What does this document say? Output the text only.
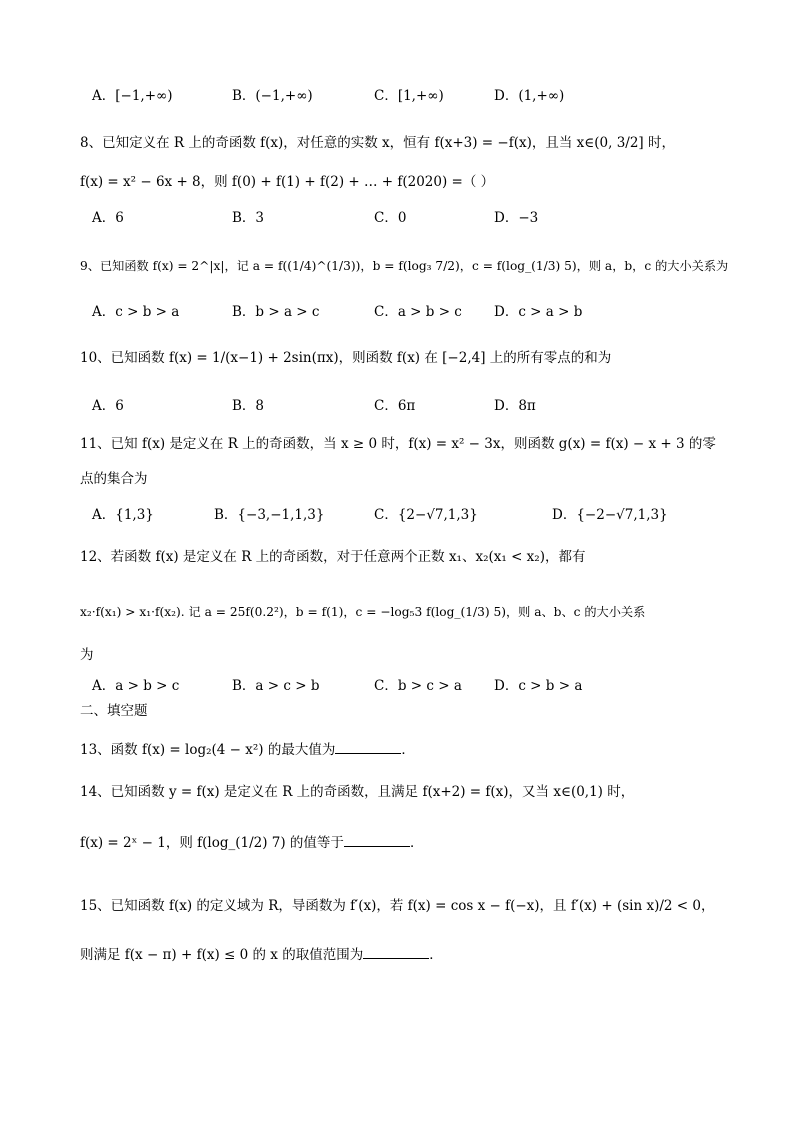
A．[−1,+∞)	B．(−1,+∞)	C．[1,+∞)	D．(1,+∞)
8、已知定义在 R 上的奇函数 f(x)，对任意的实数 x，恒有 f(x+3) = −f(x)，且当 x∈(0, 3/2] 时，
f(x) = x² − 6x + 8，则 f(0) + f(1) + f(2) + … + f(2020) =（ ）
A．6	B．3	C．0	D．−3
9、已知函数 f(x) = 2^|x|，记 a = f((1/4)^(1/3))，b = f(log₃ 7/2)，c = f(log_(1/3) 5)，则 a，b，c 的大小关系为
A．c > b > a	B．b > a > c	C．a > b > c D．c > a > b
10、已知函数 f(x) = 1/(x−1) + 2sin(πx)，则函数 f(x) 在 [−2,4] 上的所有零点的和为
A．6	B．8	C．6π	D．8π
11、已知 f(x) 是定义在 R 上的奇函数，当 x ≥ 0 时，f(x) = x² − 3x，则函数 g(x) = f(x) − x + 3 的零
点的集合为
A．{1,3}	B．{−3,−1,1,3}	C．{2−√7,1,3}	D．{−2−√7,1,3}
12、若函数 f(x) 是定义在 R 上的奇函数，对于任意两个正数 x₁、x₂(x₁ < x₂)，都有
x₂·f(x₁) > x₁·f(x₂). 记 a = 25f(0.2²)，b = f(1)，c = −log₅3 f(log_(1/3) 5)，则 a、b、c 的大小关系
为
A．a > b > c	B．a > c > b	C．b > c > a D．c > b > a
二、填空题
13、函数 f(x) = log₂(4 − x²) 的最大值为	．
14、已知函数 y = f(x) 是定义在 R 上的奇函数，且满足 f(x+2) = f(x)，又当 x∈(0,1) 时，
f(x) = 2ˣ − 1，则 f(log_(1/2) 7) 的值等于	．
15、已知函数 f(x) 的定义域为 R，导函数为 f′(x)，若 f(x) = cos x − f(−x)，且 f′(x) + (sin x)/2 < 0，
则满足 f(x − π) + f(x) ≤ 0 的 x 的取值范围为	．
